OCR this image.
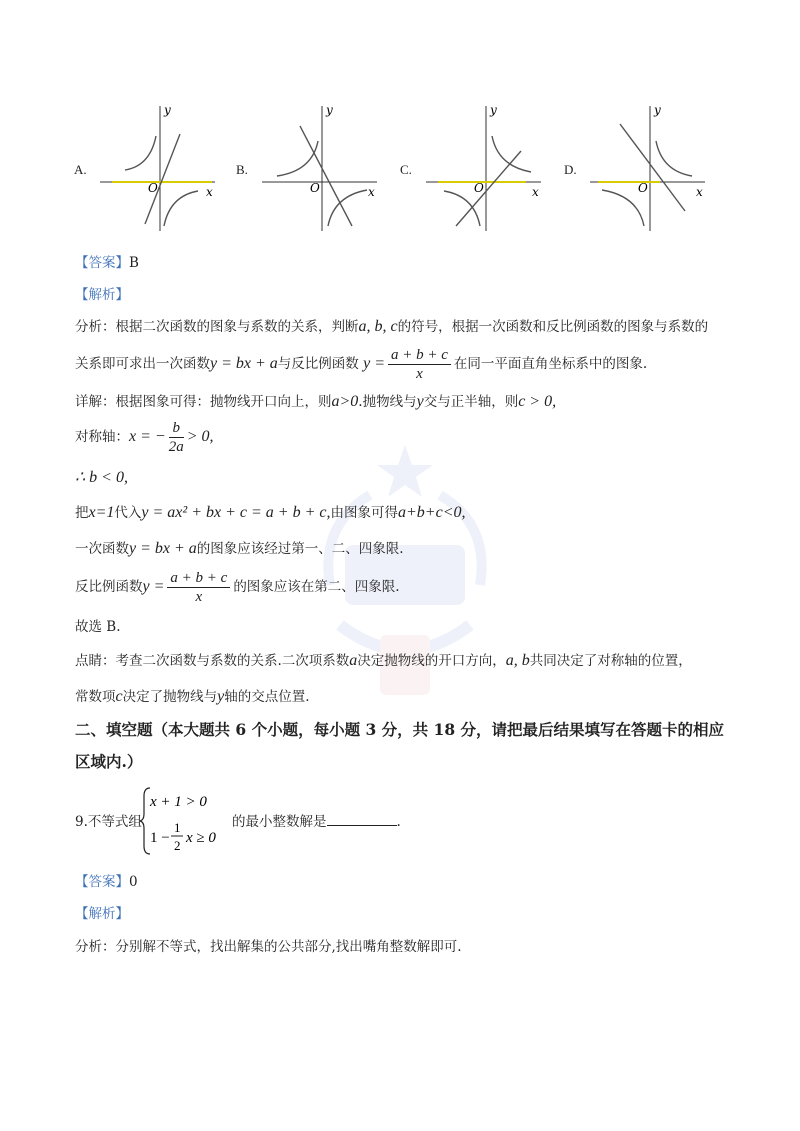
A.
y
x
O
B.
y
x
O
C.
y
x
O
D.
y
x
O
【答案】B
【解析】
分析：根据二次函数的图象与系数的关系，判断a, b, c的符号，根据一次函数和反比例函数的图象与系数的
关系即可求出一次函数y = bx + a与反比例函数 $y = \frac{a + b + c}{x}$ 在同一平面直角坐标系中的图象.
详解：根据图象可得：抛物线开口向上，则a>0.抛物线与y交与正半轴，则c > 0,
对称轴：x = − $\frac{b}{2a} > 0$,
∴ b < 0,
把x=1代入y = ax² + bx + c = a + b + c,由图象可得a+b+c<0,
一次函数y = bx + a的图象应该经过第一、二、四象限.
反比例函数$y = \frac{a + b + c}{x}$ 的图象应该在第二、四象限.
故选 B.
点睛：考查二次函数与系数的关系.二次项系数a决定抛物线的开口方向，a, b共同决定了对称轴的位置，
常数项c决定了抛物线与y轴的交点位置.
二、填空题（本大题共 6 个小题，每小题 3 分，共 18 分，请把最后结果填写在答题卡的相应
区域内.）
9.不等式组
x + 1 > 0
1 −
1
2 x ≥ 0
的最小整数解是	.
【答案】0
【解析】
分析：分别解不等式，找出解集的公共部分,找出嘴角整数解即可.
